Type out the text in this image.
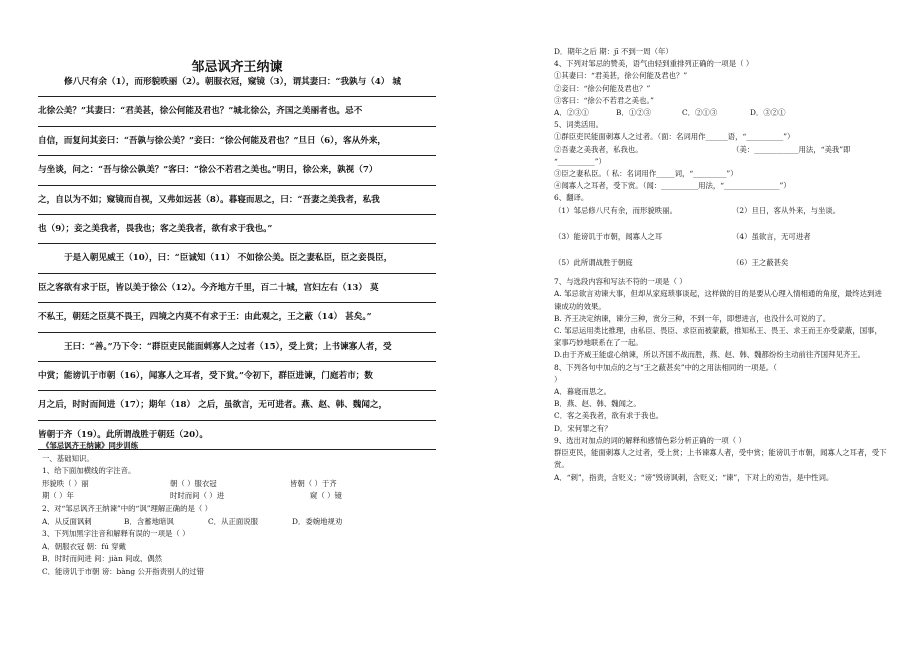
邹忌讽齐王纳谏
修八尺有余（1），而形貌昳丽（2）。朝服衣冠，窥镜（3），谓其妻曰：“我孰与（4） 城
北徐公美？”其妻曰：“君美甚，徐公何能及君也？”城北徐公，齐国之美丽者也。忌不
自信，而复问其妾曰：“吾孰与徐公美？”妾曰：“徐公何能及君也？”旦日（6），客从外来，
与坐谈，问之：“吾与徐公孰美？”客曰：“徐公不若君之美也。”明日，徐公来，孰视（7）
之，自以为不如；窥镜而自视，又弗如远甚（8）。暮寝而思之，曰：“吾妻之美我者，私我
也（9）；妾之美我者，畏我也；客之美我者，欲有求于我也。”
于是入朝见威王（10），曰：“臣诚知（11） 不如徐公美。臣之妻私臣，臣之妾畏臣，
臣之客欲有求于臣，皆以美于徐公（12）。今齐地方千里，百二十城，宫妇左右（13） 莫
不私王，朝廷之臣莫不畏王，四境之内莫不有求于王：由此观之，王之蔽（14） 甚矣。”
王曰：“善。”乃下令：“群臣吏民能面刺寡人之过者（15），受上赏；上书谏寡人者，受
中赏；能谤讥于市朝（16），闻寡人之耳者，受下赏。”令初下，群臣进谏，门庭若市；数
月之后，时时而间进（17）；期年（18） 之后，虽欲言，无可进者。燕、赵、韩、魏闻之，
皆朝于齐（19）。此所谓战胜于朝廷（20）。
《邹忌讽齐王纳谏》同步训练
一、基础知识。
1、给下面加横线的字注音。
形貌昳（ ）丽	朝（ ）服衣冠	皆朝（ ）于齐
期（ ）年	时时而间（ ）进	窥（ ）镜
2、对“邹忌讽齐王纳谏”中的“讽”理解正确的是（ ）
A．从反面讽刺	B．含蓄地暗讽	C．从正面说服	D．委婉地规劝
3、下列加黑字注音和解释有误的一项是（ ）
A．朝服衣冠 朝：fú 穿戴
B．时时而间进 间：jiàn 间或、偶然
C．能谤讥于市朝 谤：bàng 公开指责别人的过错
D．期年之后 期：jī 不到一周（年）
4、下列对邹忌的赞美，语气由轻到重排列正确的一项是（ ）
①其妻曰：“君美甚，徐公何能及君也？”
②妾曰：“徐公何能及君也？”
③客曰：“徐公不若君之美也。”
A．②③①	B．①②③	C．②①③	D．③②①
5、词类活用。
①群臣吏民能面刺寡人之过者。（面：名词用作______语，“__________”）
②吾妻之美我者，私我也。	（美：____________用法，“美我”即
“__________”）
③臣之妻私臣。（ 私：名词用作_____词，“_________”）
④闻寡人之耳者，受下赏。（闻：__________用法，“_______________”）
6、翻译。
（1）邹忌修八尺有余，而形貌昳丽。	（2）旦日，客从外来，与坐谈。
（3）能谤讥于市朝，闻寡人之耳	（4）虽欲言，无可进者
（5）此所谓战胜于朝庭	（6）王之蔽甚矣
7、与选段内容和写法不符的一项是（ ）
A. 邹忌欲言劝谏大事，但却从家庭琐事谈起，这样做的目的是要从心理入情相通的角度，最终达到进谏成功的效果。
B. 齐王决定纳谏，谏分三种，赏分三种，不到一年，即想进言，也没什么可说的了。
C. 邹忌运用类比推理，由私臣、畏臣、求臣而被蒙蔽，推知私王、畏王、求王而王亦受蒙蔽，国事，家事巧妙地联系在了一起。
D.由于齐威王能虚心纳谏，所以齐国不战而胜，燕、赵、韩、魏都纷纷主动前往齐国拜见齐王。
8、下列各句中加点的之与“王之蔽甚矣”中的之用法相同的一项是。（
）
A．暮寝而思之。
B．燕、赵、韩、魏闻之。
C．客之美我者，欲有求于我也。
D．宋何罪之有？
9、选出对加点的词的解释和感情色彩分析正确的一项（ ）
群臣吏民，能面刺寡人之过者，受上赏；上书谏寡人者，受中赏；能谤讥于市朝，闻寡人之耳者，受下赏。
A．“刺”，指责，含贬义；“谤”毁谤讽刺，含贬义；“谏”，下对上的劝告，是中性词。
